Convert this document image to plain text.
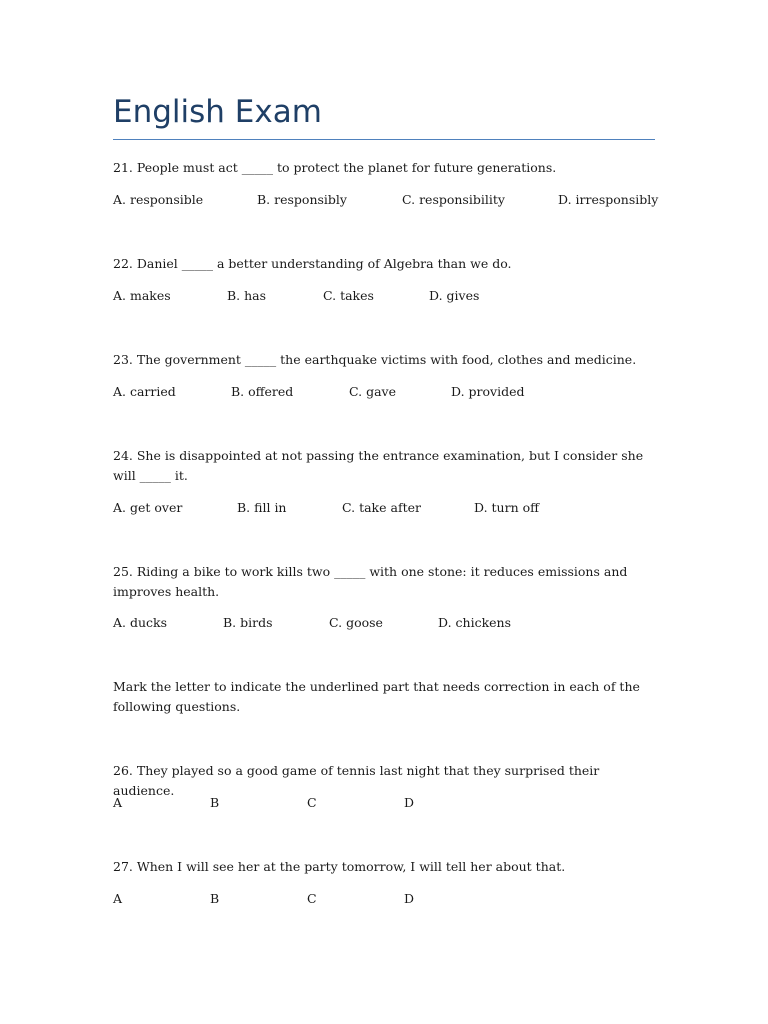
English Exam
21. People must act _____ to protect the planet for future generations.
A. responsible	B. responsibly	C. responsibility	D. irresponsibly
22. Daniel _____ a better understanding of Algebra than we do.
A. makes	B. has	C. takes	D. gives
23. The government _____ the earthquake victims with food, clothes and medicine.
A. carried	B. offered	C. gave	D. provided
24. She is disappointed at not passing the entrance examination, but I consider she will _____ it.
A. get over	B. fill in	C. take after	D. turn off
25. Riding a bike to work kills two _____ with one stone: it reduces emissions and improves health.
A. ducks	B. birds	C. goose	D. chickens
Mark the letter to indicate the underlined part that needs correction in each of the following questions.
26. They played so a good game of tennis last night that they surprised their audience.
A	B	C	D
27. When I will see her at the party tomorrow, I will tell her about that.
A	B	C	D
